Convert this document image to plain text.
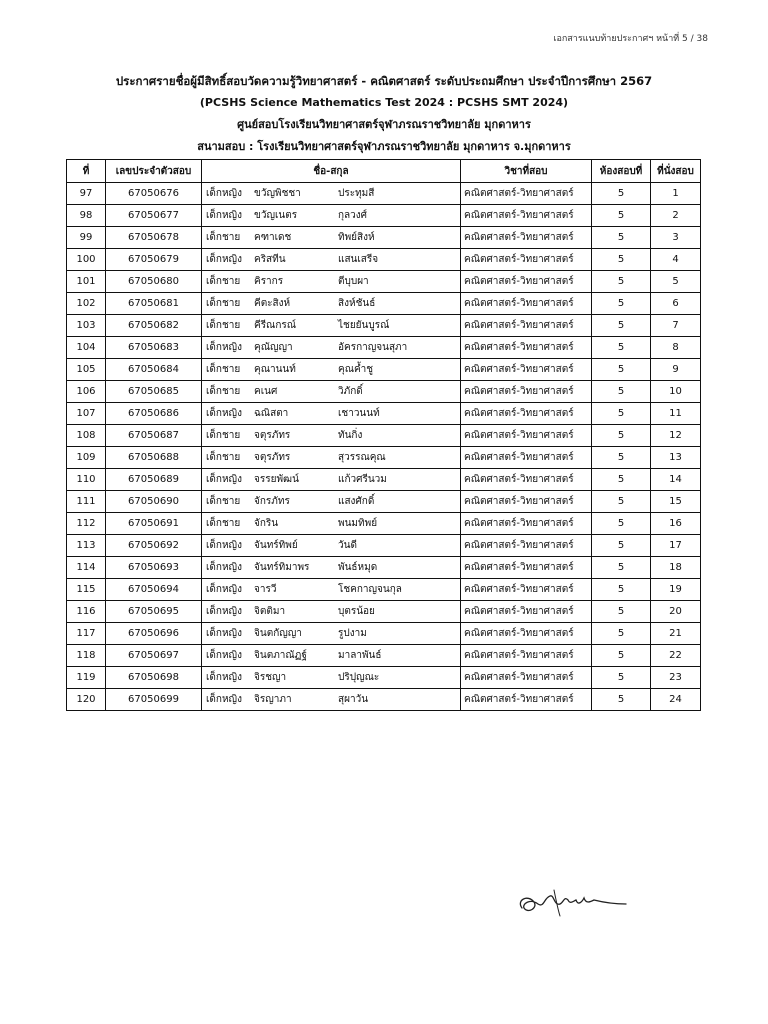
เอกสารแนบท้ายประกาศฯ หน้าที่ 5 / 38
ประกาศรายชื่อผู้มีสิทธิ์สอบวัดความรู้วิทยาศาสตร์ - คณิตศาสตร์ ระดับประถมศึกษา ประจำปีการศึกษา 2567
(PCSHS Science Mathematics Test 2024 : PCSHS SMT 2024)
ศูนย์สอบโรงเรียนวิทยาศาสตร์จุฬาภรณราชวิทยาลัย มุกดาหาร
สนามสอบ : โรงเรียนวิทยาศาสตร์จุฬาภรณราชวิทยาลัย มุกดาหาร จ.มุกดาหาร
ที่	เลขประจำตัวสอบ	ชื่อ-สกุล	วิชาที่สอบ	ห้องสอบที่	ที่นั่งสอบ
97	67050676	เด็กหญิง ขวัญพิชชา ประทุมสี	คณิตศาสตร์-วิทยาศาสตร์	5	1
98	67050677	เด็กหญิง ขวัญเนตร กุลวงศ์	คณิตศาสตร์-วิทยาศาสตร์	5	2
99	67050678	เด็กชาย คฑาเดช ทิพย์สิงห์	คณิตศาสตร์-วิทยาศาสตร์	5	3
100	67050679	เด็กหญิง คริสทีน แสนเสรีจ	คณิตศาสตร์-วิทยาศาสตร์	5	4
101	67050680	เด็กชาย คิรากร ตีบุบผา	คณิตศาสตร์-วิทยาศาสตร์	5	5
102	67050681	เด็กชาย คีตะสิงห์ สิงห์ชันธ์	คณิตศาสตร์-วิทยาศาสตร์	5	6
103	67050682	เด็กชาย คีรีณกรณ์ ไชยยันบูรณ์	คณิตศาสตร์-วิทยาศาสตร์	5	7
104	67050683	เด็กหญิง คุณัญญา อัครกาญจนสุภา	คณิตศาสตร์-วิทยาศาสตร์	5	8
105	67050684	เด็กชาย คุณานนท์ คุณค้ำชู	คณิตศาสตร์-วิทยาศาสตร์	5	9
106	67050685	เด็กชาย คเนศ วิภักดิ์	คณิตศาสตร์-วิทยาศาสตร์	5	10
107	67050686	เด็กหญิง ฉณิสตา เชาวนนท์	คณิตศาสตร์-วิทยาศาสตร์	5	11
108	67050687	เด็กชาย จตุรภัทร ทันกิ่ง	คณิตศาสตร์-วิทยาศาสตร์	5	12
109	67050688	เด็กชาย จตุรภัทร สุวรรณคุณ	คณิตศาสตร์-วิทยาศาสตร์	5	13
110	67050689	เด็กหญิง จรรยพัฒน์ แก้วศรีนวม	คณิตศาสตร์-วิทยาศาสตร์	5	14
111	67050690	เด็กชาย จักรภัทร แสงศักดิ์	คณิตศาสตร์-วิทยาศาสตร์	5	15
112	67050691	เด็กชาย จักริน พนมทิพย์	คณิตศาสตร์-วิทยาศาสตร์	5	16
113	67050692	เด็กหญิง จันทร์ทิพย์ วันดี	คณิตศาสตร์-วิทยาศาสตร์	5	17
114	67050693	เด็กหญิง จันทร์ทิมาพร พันธ์หมุด	คณิตศาสตร์-วิทยาศาสตร์	5	18
115	67050694	เด็กหญิง จารวี โชคกาญจนกุล	คณิตศาสตร์-วิทยาศาสตร์	5	19
116	67050695	เด็กหญิง จิตติมา บุตรน้อย	คณิตศาสตร์-วิทยาศาสตร์	5	20
117	67050696	เด็กหญิง จินตกัญญา รูปงาม	คณิตศาสตร์-วิทยาศาสตร์	5	21
118	67050697	เด็กหญิง จินตภาณัฏฐ์ มาลาพันธ์	คณิตศาสตร์-วิทยาศาสตร์	5	22
119	67050698	เด็กหญิง จิรชญา ปริปุญณะ	คณิตศาสตร์-วิทยาศาสตร์	5	23
120	67050699	เด็กหญิง จิรญาภา สุผาวัน	คณิตศาสตร์-วิทยาศาสตร์	5	24
